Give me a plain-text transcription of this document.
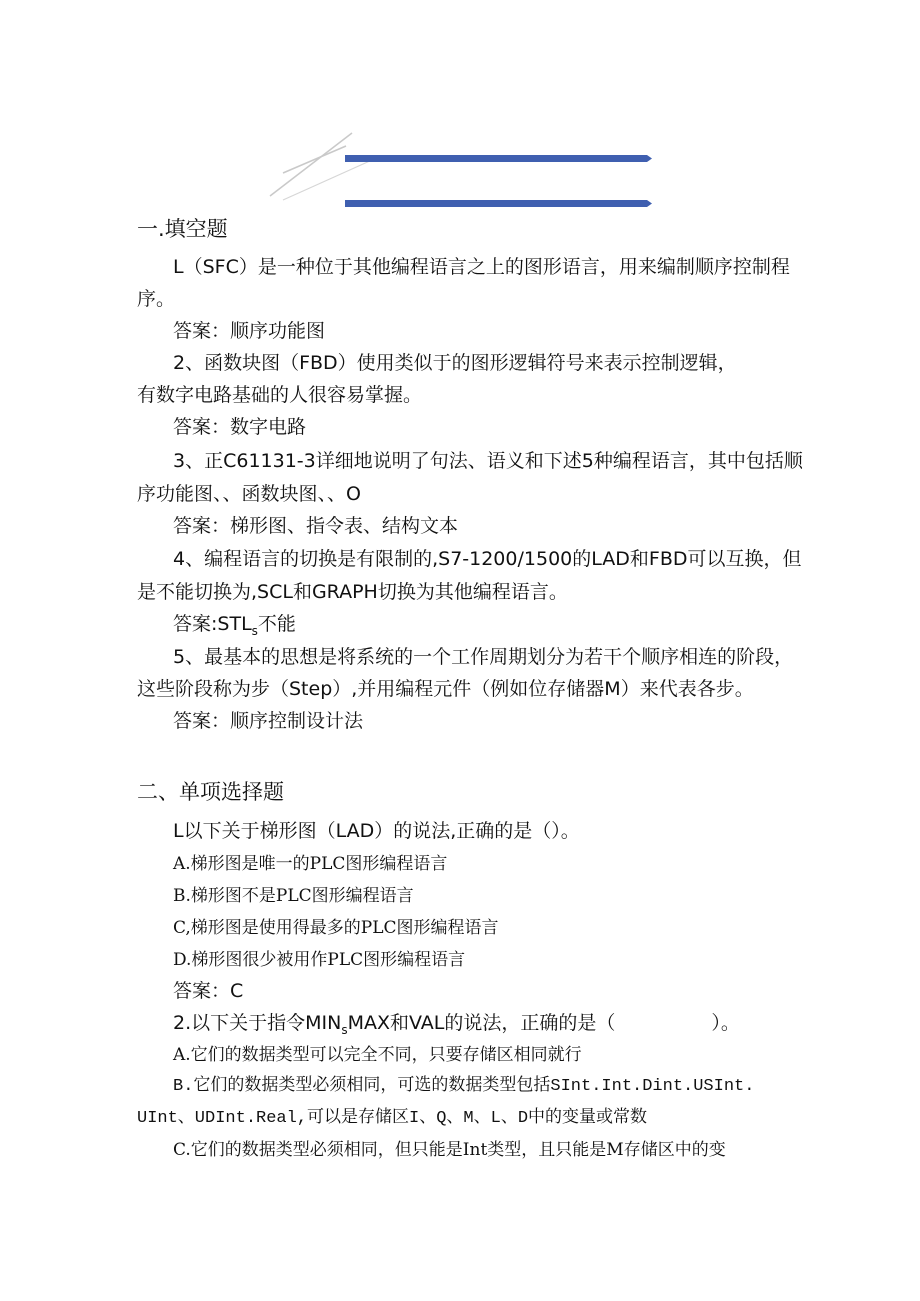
一.填空题
L（SFC）是一种位于其他编程语言之上的图形语言，用来编制顺序控制程
序。
答案：顺序功能图
2、函数块图（FBD）使用类似于的图形逻辑符号来表示控制逻辑，
有数字电路基础的人很容易掌握。
答案：数字电路
3、正C61131-3详细地说明了句法、语义和下述5种编程语言，其中包括顺
序功能图、、函数块图、、O
答案：梯形图、指令表、结构文本
4、编程语言的切换是有限制的,S7-1200/1500的LAD和FBD可以互换，但
是不能切换为,SCL和GRAPH切换为其他编程语言。
答案$:STL_s$不能
5、最基本的思想是将系统的一个工作周期划分为若干个顺序相连的阶段，
这些阶段称为步（Step）,并用编程元件（例如位存储器M）来代表各步。
答案：顺序控制设计法
二、单项选择题
L以下关于梯形图（LAD）的说法,正确的是（）。
A.梯形图是唯一的PLC图形编程语言
B.梯形图不是PLC图形编程语言
C,梯形图是使用得最多的PLC图形编程语言
D.梯形图很少被用作PLC图形编程语言
答案：C
2.以下关于指令$MIN_sMAX$和VAL的说法，正确的是（	）。
A.它们的数据类型可以完全不同，只要存储区相同就行
B.它们的数据类型必须相同，可选的数据类型包括SInt.Int.Dint.USInt.
UInt、UDInt.Real,可以是存储区I、Q、M、L、D中的变量或常数
C.它们的数据类型必须相同，但只能是Int类型，且只能是M存储区中的变
